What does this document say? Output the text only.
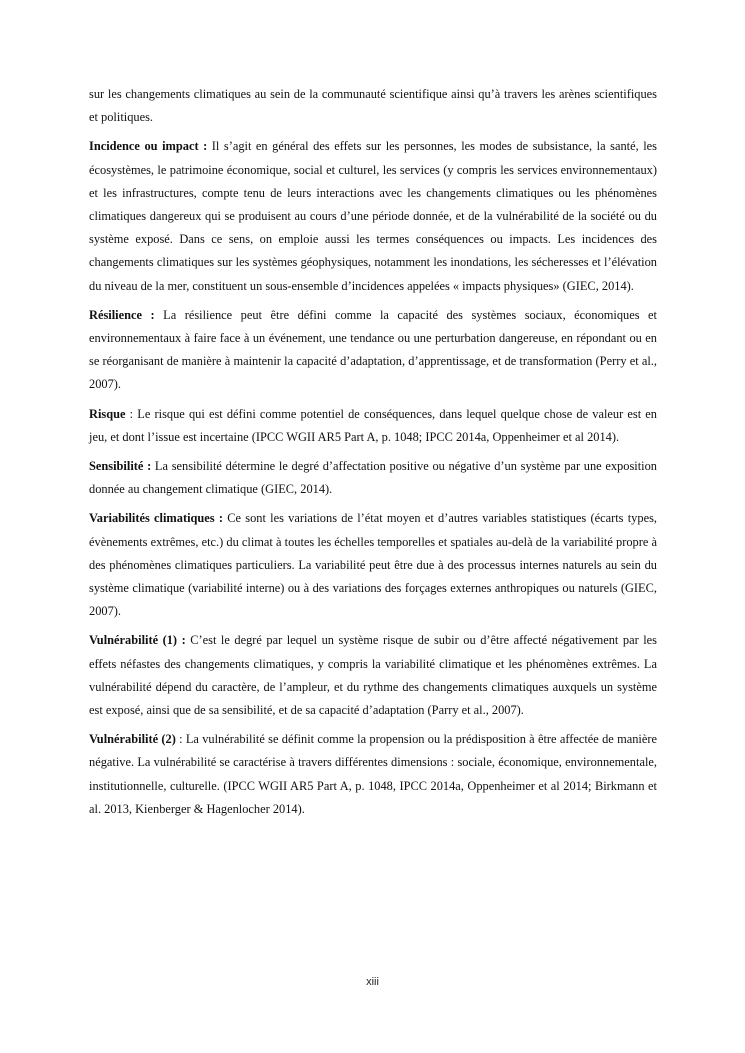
sur les changements climatiques au sein de la communauté scientifique ainsi qu’à travers les arènes scientifiques et politiques.

Incidence ou impact : Il s’agit en général des effets sur les personnes, les modes de subsistance, la santé, les écosystèmes, le patrimoine économique, social et culturel, les services (y compris les services environnementaux) et les infrastructures, compte tenu de leurs interactions avec les changements climatiques ou les phénomènes climatiques dangereux qui se produisent au cours d’une période donnée, et de la vulnérabilité de la société ou du système exposé. Dans ce sens, on emploie aussi les termes conséquences ou impacts. Les incidences des changements climatiques sur les systèmes géophysiques, notamment les inondations, les sécheresses et l’élévation du niveau de la mer, constituent un sous-ensemble d’incidences appelées « impacts physiques» (GIEC, 2014).

Résilience : La résilience peut être défini comme la capacité des systèmes sociaux, économiques et environnementaux à faire face à un événement, une tendance ou une perturbation dangereuse, en répondant ou en se réorganisant de manière à maintenir la capacité d’adaptation, d’apprentissage, et de transformation (Perry et al., 2007).

Risque : Le risque qui est défini comme potentiel de conséquences, dans lequel quelque chose de valeur est en jeu, et dont l’issue est incertaine (IPCC WGII AR5 Part A, p. 1048; IPCC 2014a, Oppenheimer et al 2014).

Sensibilité : La sensibilité détermine le degré d’affectation positive ou négative d’un système par une exposition donnée au changement climatique (GIEC, 2014).

Variabilités climatiques : Ce sont les variations de l’état moyen et d’autres variables statistiques (écarts types, évènements extrêmes, etc.) du climat à toutes les échelles temporelles et spatiales au-delà de la variabilité propre à des phénomènes climatiques particuliers. La variabilité peut être due à des processus internes naturels au sein du système climatique (variabilité interne) ou à des variations des forçages externes anthropiques ou naturels (GIEC, 2007).

Vulnérabilité (1) : C’est le degré par lequel un système risque de subir ou d’être affecté négativement par les effets néfastes des changements climatiques, y compris la variabilité climatique et les phénomènes extrêmes. La vulnérabilité dépend du caractère, de l’ampleur, et du rythme des changements climatiques auxquels un système est exposé, ainsi que de sa sensibilité, et de sa capacité d’adaptation (Parry et al., 2007).

Vulnérabilité (2) : La vulnérabilité se définit comme la propension ou la prédisposition à être affectée de manière négative. La vulnérabilité se caractérise à travers différentes dimensions : sociale, économique, environnementale, institutionnelle, culturelle. (IPCC WGII AR5 Part A, p. 1048, IPCC 2014a, Oppenheimer et al 2014; Birkmann et al. 2013, Kienberger & Hagenlocher 2014).

xiii
